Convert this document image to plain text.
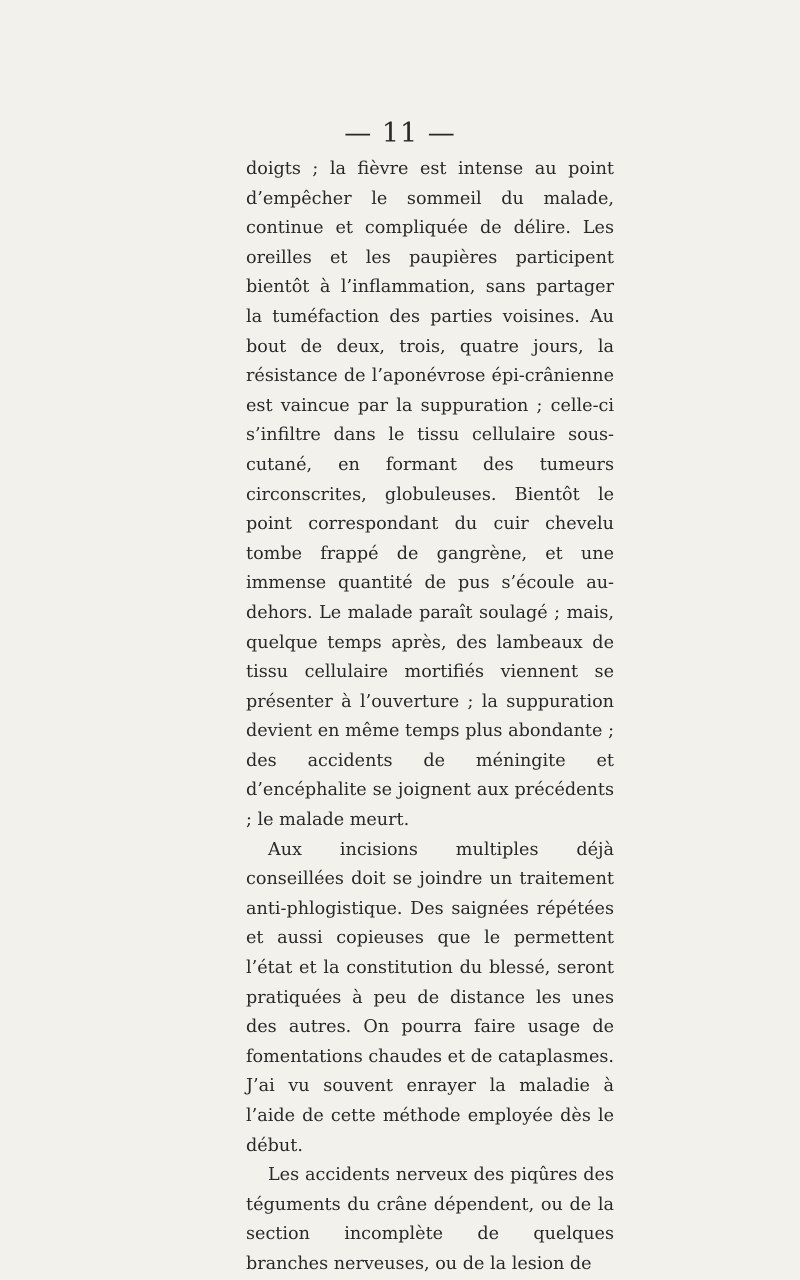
— 11 —

doigts ; la fièvre est intense au point d’empêcher le sommeil du malade, continue et compliquée de délire. Les oreilles et les paupières participent bientôt à l’inflammation, sans partager la tuméfaction des parties voisines. Au bout de deux, trois, quatre jours, la résistance de l’aponévrose épi-crânienne est vaincue par la suppuration ; celle-ci s’infiltre dans le tissu cellulaire sous-cutané, en formant des tumeurs circonscrites, globuleuses. Bientôt le point correspondant du cuir chevelu tombe frappé de gangrène, et une immense quantité de pus s’écoule au-dehors. Le malade paraît soulagé ; mais, quelque temps après, des lambeaux de tissu cellulaire mortifiés viennent se présenter à l’ouverture ; la suppuration devient en même temps plus abondante ; des accidents de méningite et d’encéphalite se joignent aux précédents ; le malade meurt.

Aux incisions multiples déjà conseillées doit se joindre un traitement anti-phlogistique. Des saignées répétées et aussi copieuses que le permettent l’état et la constitution du blessé, seront pratiquées à peu de distance les unes des autres. On pourra faire usage de fomentations chaudes et de cataplasmes. J’ai vu souvent enrayer la maladie à l’aide de cette méthode employée dès le début.

Les accidents nerveux des piqûres des téguments du crâne dépendent, ou de la section incomplète de quelques branches nerveuses, ou de la lesion de
